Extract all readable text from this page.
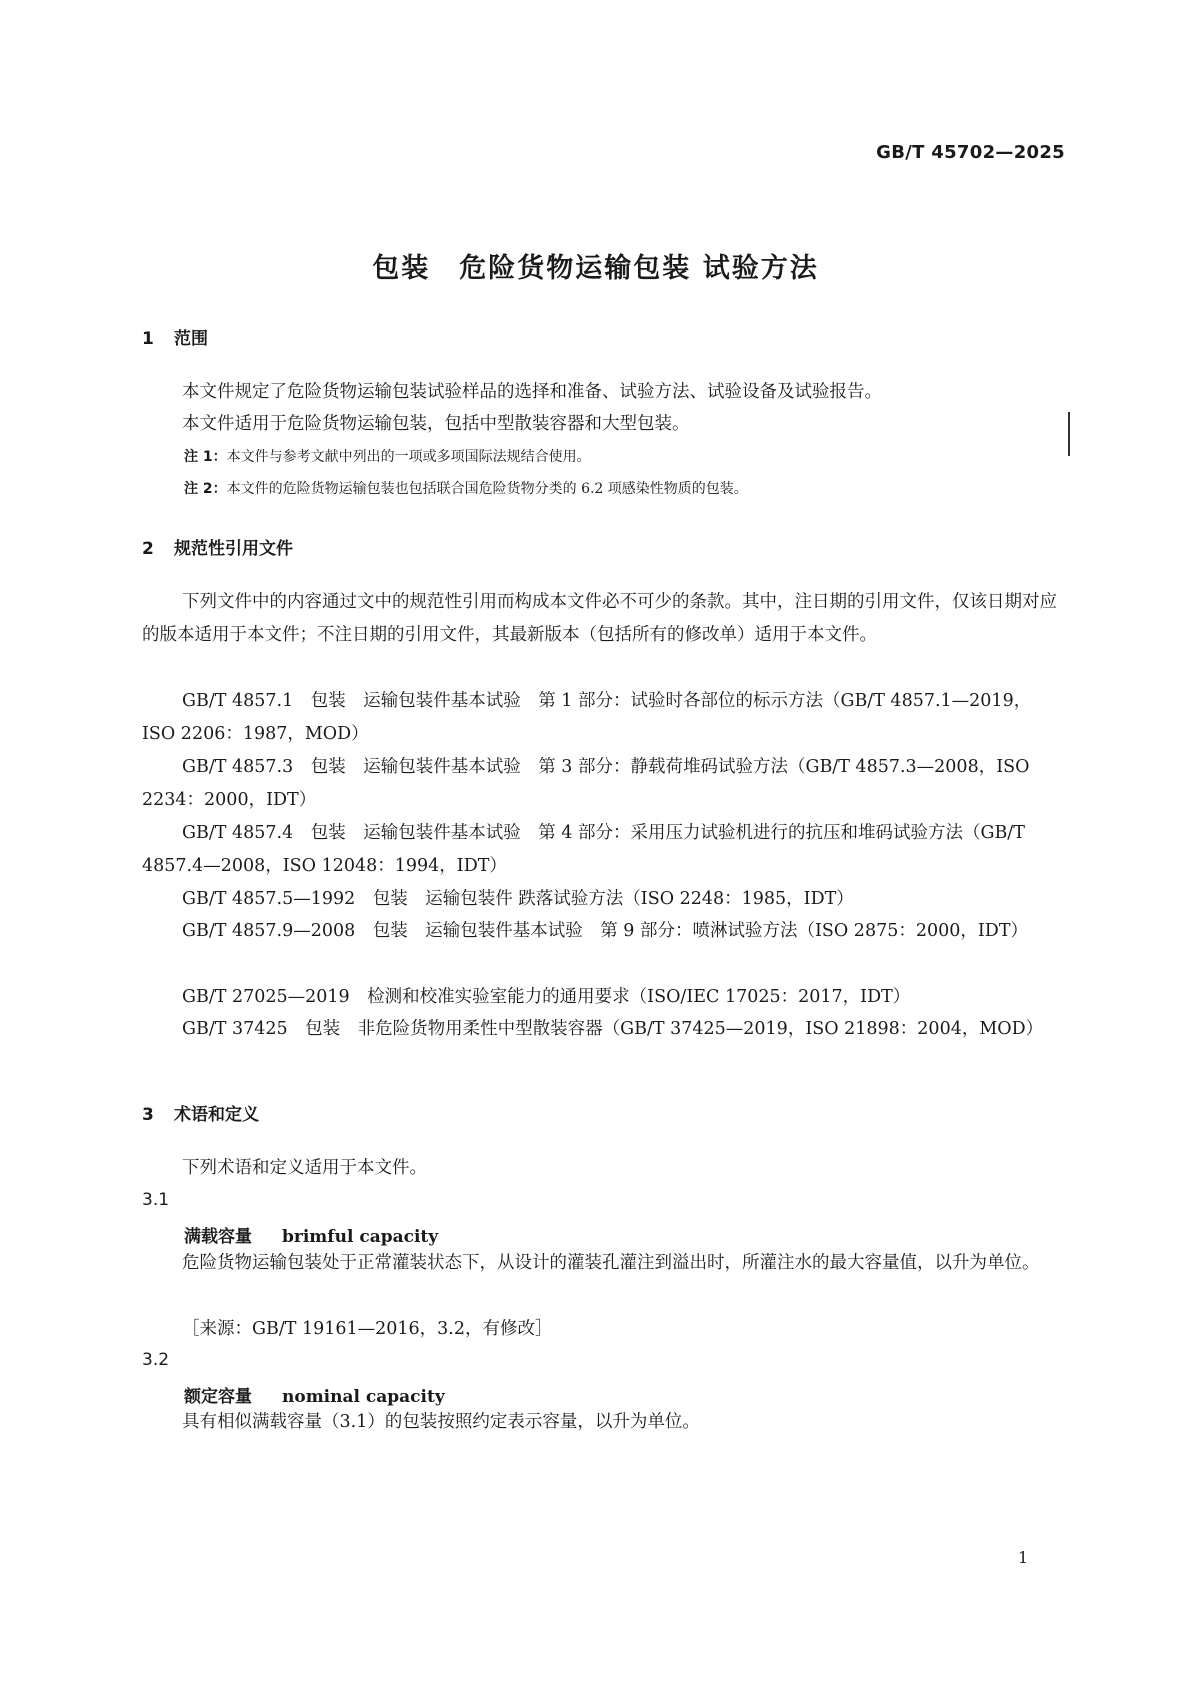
GB/T 45702—2025
包装　危险货物运输包装 试验方法
1 范围
本文件规定了危险货物运输包装试验样品的选择和准备、试验方法、试验设备及试验报告。
本文件适用于危险货物运输包装，包括中型散装容器和大型包装。
注 1：本文件与参考文献中列出的一项或多项国际法规结合使用。
注 2：本文件的危险货物运输包装也包括联合国危险货物分类的 6.2 项感染性物质的包装。
2 规范性引用文件
下列文件中的内容通过文中的规范性引用而构成本文件必不可少的条款。其中，注日期的引用文件，仅该日期对应的版本适用于本文件；不注日期的引用文件，其最新版本（包括所有的修改单）适用于本文件。
GB/T 4857.1　包装　运输包装件基本试验　第 1 部分：试验时各部位的标示方法（GB/T 4857.1—2019，ISO 2206：1987，MOD）
GB/T 4857.3　包装　运输包装件基本试验　第 3 部分：静载荷堆码试验方法（GB/T 4857.3—2008，ISO 2234：2000，IDT）
GB/T 4857.4　包装　运输包装件基本试验　第 4 部分：采用压力试验机进行的抗压和堆码试验方法（GB/T 4857.4—2008，ISO 12048：1994，IDT）
GB/T 4857.5—1992　包装　运输包装件 跌落试验方法（ISO 2248：1985，IDT）
GB/T 4857.9—2008　包装　运输包装件基本试验　第 9 部分：喷淋试验方法（ISO 2875：2000，IDT）
GB/T 27025—2019　检测和校准实验室能力的通用要求（ISO/IEC 17025：2017，IDT）
GB/T 37425　包装　非危险货物用柔性中型散装容器（GB/T 37425—2019，ISO 21898：2004，MOD）
3 术语和定义
下列术语和定义适用于本文件。
3.1
满载容量 brimful capacity
危险货物运输包装处于正常灌装状态下，从设计的灌装孔灌注到溢出时，所灌注水的最大容量值，以升为单位。
［来源：GB/T 19161—2016，3.2，有修改］
3.2
额定容量 nominal capacity
具有相似满载容量（3.1）的包装按照约定表示容量，以升为单位。
1
